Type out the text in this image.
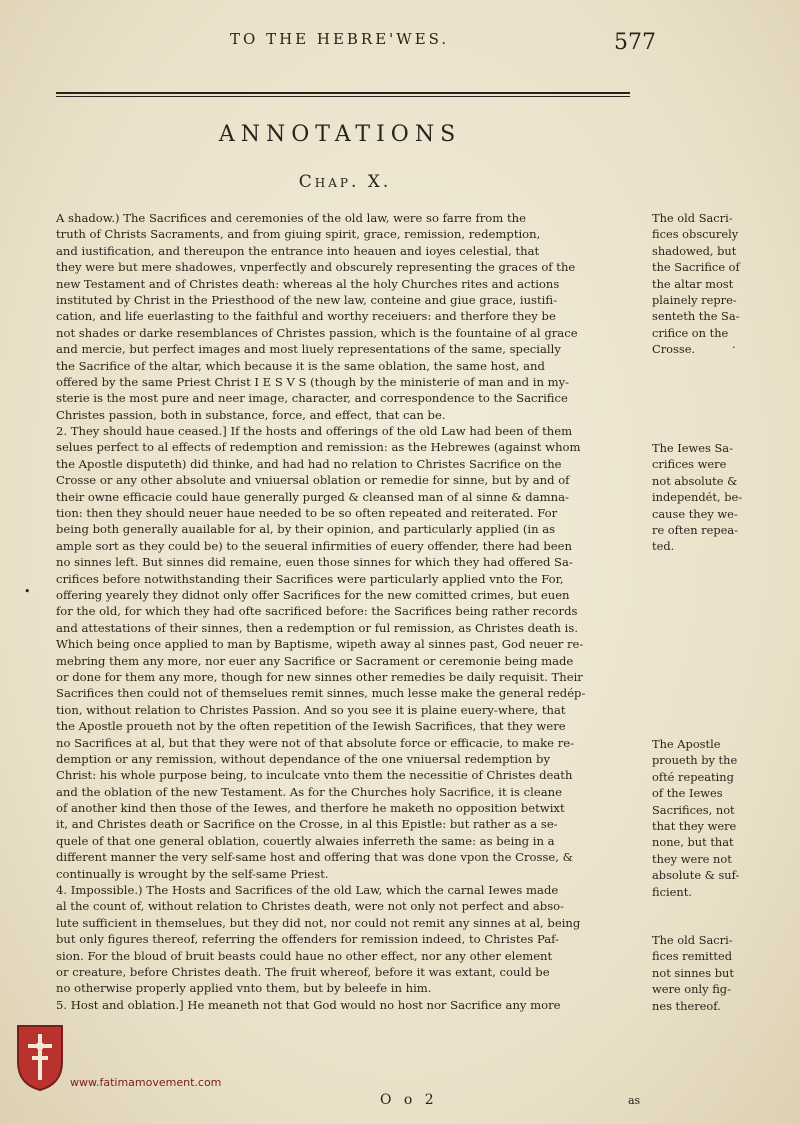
TO THE HEBRE'WES.	577
ANNOTATIONS
Chap. X.
A shadow.) The Sacrifices and ceremonies of the old law, were so farre from the
truth of Christs Sacraments, and from giuing spirit, grace, remission, redemption,
and iustification, and thereupon the entrance into heauen and ioyes celestial, that
they were but mere shadowes, vnperfectly and obscurely representing the graces of the
new Testament and of Christes death: whereas al the holy Churches rites and actions
instituted by Christ in the Priesthood of the new law, conteine and giue grace, iustifi-
cation, and life euerlasting to the faithful and worthy receiuers: and therfore they be
not shades or darke resemblances of Christes passion, which is the fountaine of al grace
and mercie, but perfect images and most liuely representations of the same, specially
the Sacrifice of the altar, which because it is the same oblation, the same host, and
offered by the same Priest Christ I E S V S (though by the ministerie of man and in my-
sterie is the most pure and neer image, character, and correspondence to the Sacrifice
Christes passion, both in substance, force, and effect, that can be.
2. They should haue ceased.] If the hosts and offerings of the old Law had been of them
selues perfect to al effects of redemption and remission: as the Hebrewes (against whom
the Apostle disputeth) did thinke, and had had no relation to Christes Sacrifice on the
Crosse or any other absolute and vniuersal oblation or remedie for sinne, but by and of
their owne efficacie could haue generally purged & cleansed man of al sinne & damna-
tion: then they should neuer haue needed to be so often repeated and reiterated. For
being both generally auailable for al, by their opinion, and particularly applied (in as
ample sort as they could be) to the seueral infirmities of euery offender, there had been
no sinnes left. But sinnes did remaine, euen those sinnes for which they had offered Sa-
crifices before notwithstanding their Sacrifices were particularly applied vnto the For,
offering yearely they didnot only offer Sacrifices for the new comitted crimes, but euen
for the old, for which they had ofte sacrificed before: the Sacrifices being rather records
and attestations of their sinnes, then a redemption or ful remission, as Christes death is.
Which being once applied to man by Baptisme, wipeth away al sinnes past, God neuer re-
mebring them any more, nor euer any Sacrifice or Sacrament or ceremonie being made
or done for them any more, though for new sinnes other remedies be daily requisit. Their
Sacrifices then could not of themselues remit sinnes, much lesse make the general redép-
tion, without relation to Christes Passion. And so you see it is plaine euery-where, that
the Apostle proueth not by the often repetition of the Iewish Sacrifices, that they were
no Sacrifices at al, but that they were not of that absolute force or efficacie, to make re-
demption or any remission, without dependance of the one vniuersal redemption by
Christ: his whole purpose being, to inculcate vnto them the necessitie of Christes death
and the oblation of the new Testament. As for the Churches holy Sacrifice, it is cleane
of another kind then those of the Iewes, and therfore he maketh no opposition betwixt
it, and Christes death or Sacrifice on the Crosse, in al this Epistle: but rather as a se-
quele of that one general oblation, couertly alwaies inferreth the same: as being in a
different manner the very self-same host and offering that was done vpon the Crosse, &
continually is wrought by the self-same Priest.
4. Impossible.) The Hosts and Sacrifices of the old Law, which the carnal Iewes made
al the count of, without relation to Christes death, were not only not perfect and abso-
lute sufficient in themselues, but they did not, nor could not remit any sinnes at al, being
but only figures thereof, referring the offenders for remission indeed, to Christes Paf-
sion. For the bloud of bruit beasts could haue no other effect, nor any other element
or creature, before Christes death. The fruit whereof, before it was extant, could be
no otherwise properly applied vnto them, but by beleefe in him.
5. Host and oblation.] He meaneth not that God would no host nor Sacrifice any more
The old Sacri-
fices obscurely
shadowed, but
the Sacrifice of
the altar most
plainely repre-
senteth the Sa-
crifice on the
Crosse.
The Iewes Sa-
crifices were
not absolute &
independét, be-
cause they we-
re often repea-
ted.
The Apostle
proueth by the
ofté repeating
of the Iewes
Sacrifices, not
that they were
none, but that
they were not
absolute & suf-
ficient.
The old Sacri-
fices remitted
not sinnes but
were only fig-
nes thereof.
•
.
O o 2	as
www.fatimamovement.com
